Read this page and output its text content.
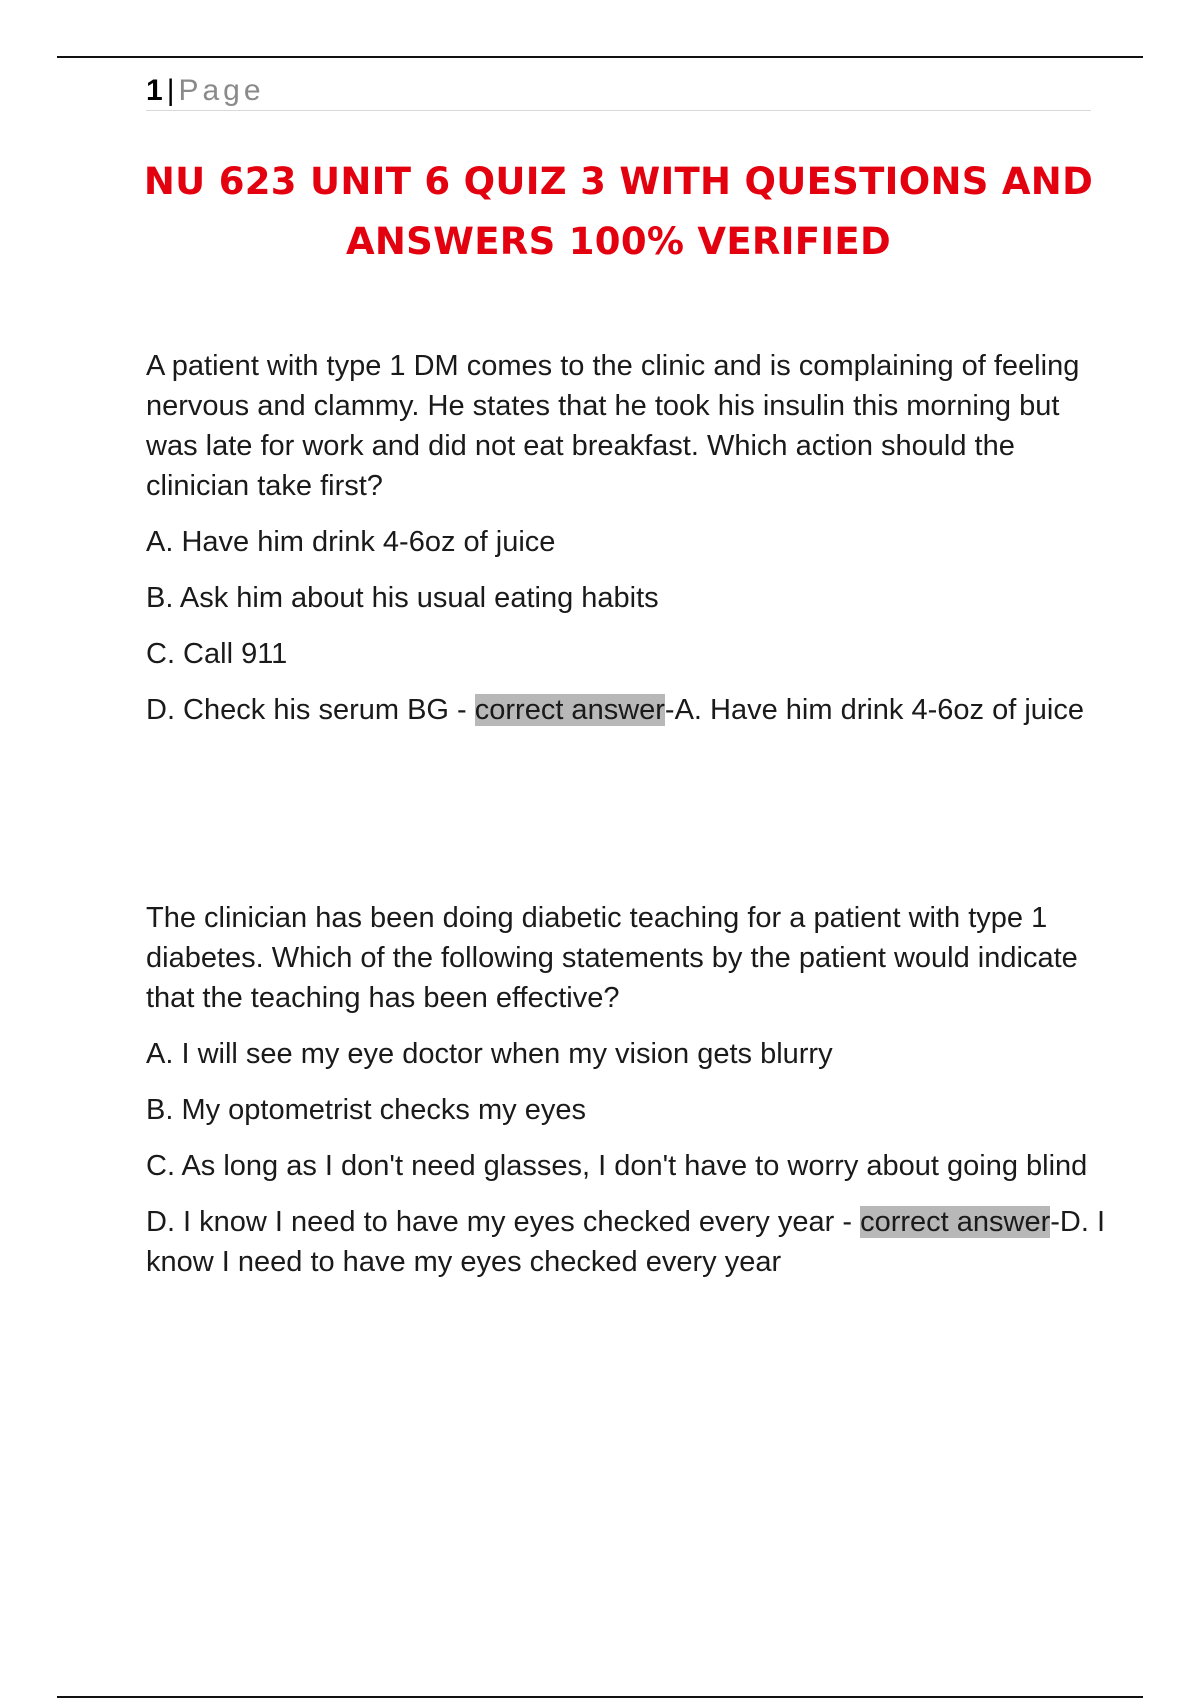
1 | Page
NU 623 UNIT 6 QUIZ 3 WITH QUESTIONS AND ANSWERS 100% VERIFIED

A patient with type 1 DM comes to the clinic and is complaining of feeling nervous and clammy. He states that he took his insulin this morning but was late for work and did not eat breakfast. Which action should the clinician take first?

A. Have him drink 4-6oz of juice

B. Ask him about his usual eating habits

C. Call 911

D. Check his serum BG - correct answer-A. Have him drink 4-6oz of juice

The clinician has been doing diabetic teaching for a patient with type 1 diabetes. Which of the following statements by the patient would indicate that the teaching has been effective?

A. I will see my eye doctor when my vision gets blurry

B. My optometrist checks my eyes

C. As long as I don't need glasses, I don't have to worry about going blind

D. I know I need to have my eyes checked every year - correct answer-D. I know I need to have my eyes checked every year
